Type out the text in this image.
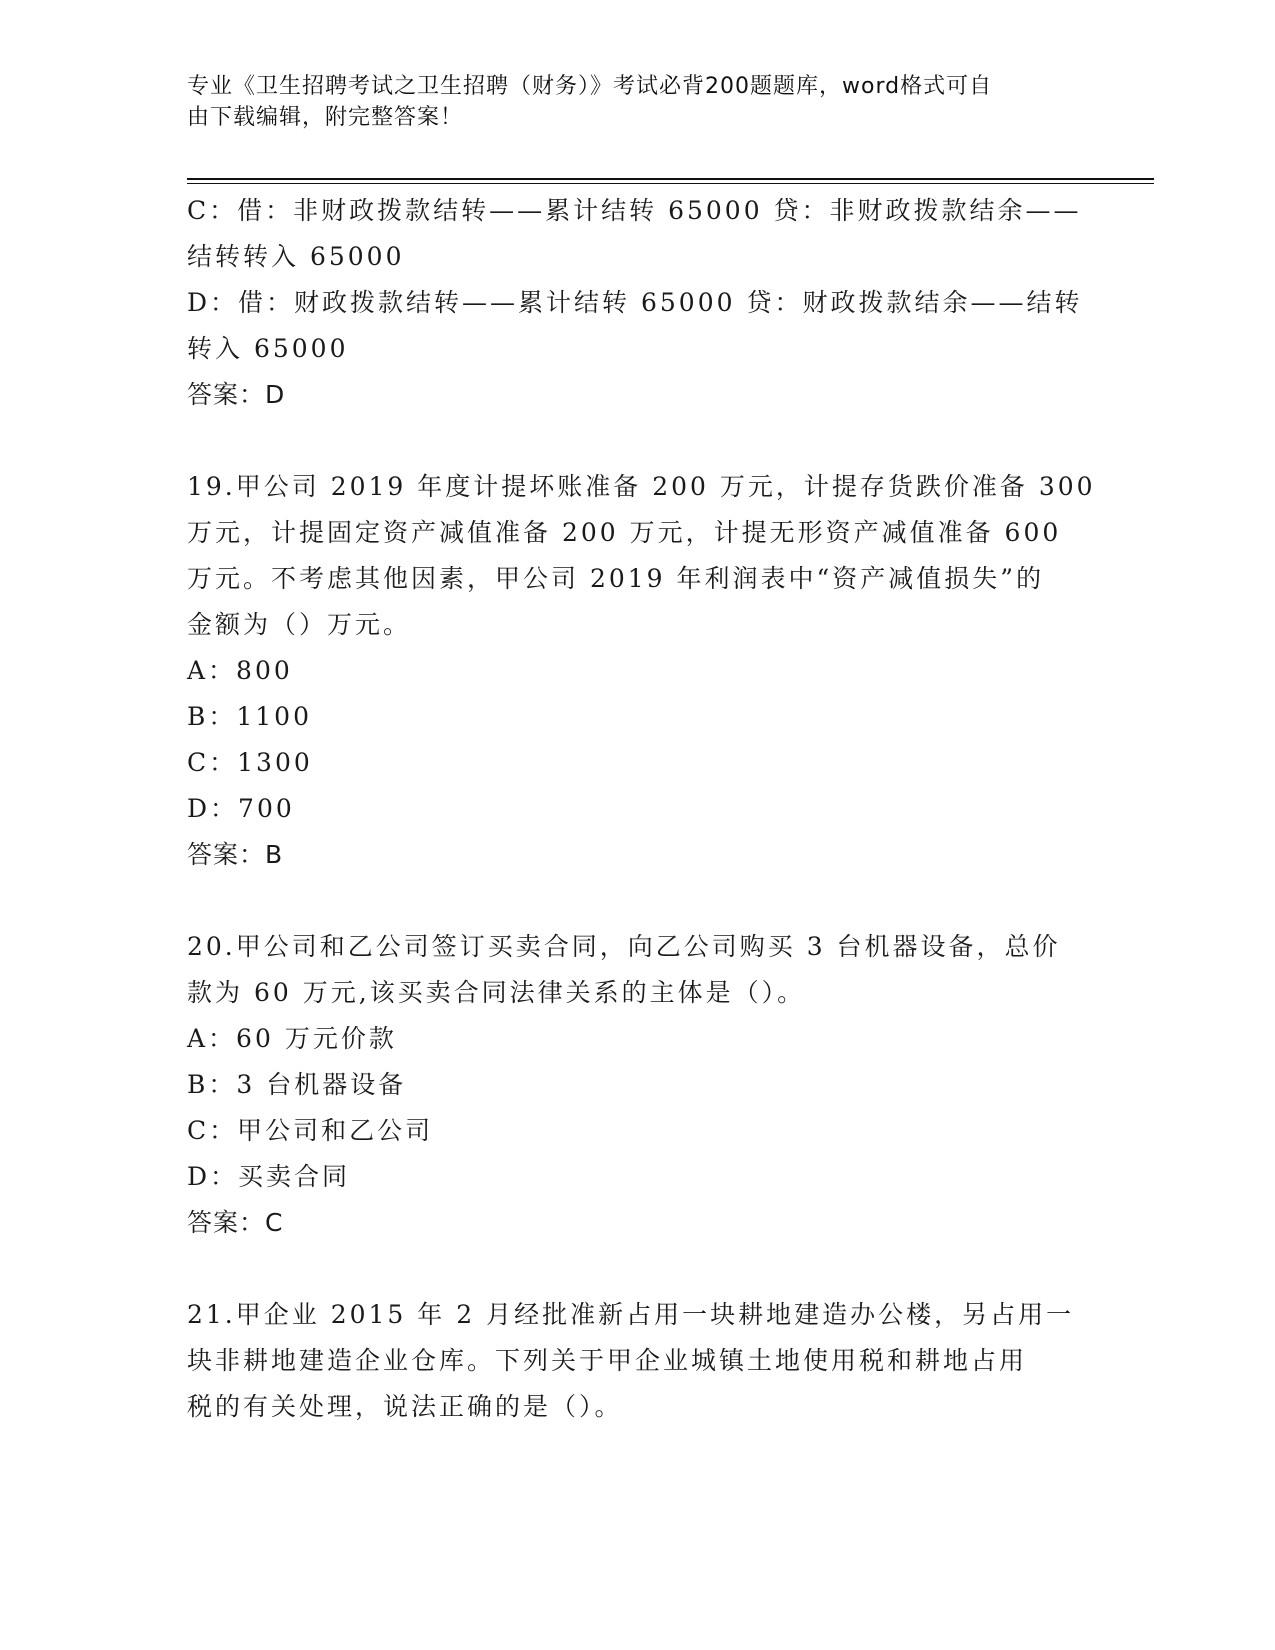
专业《卫生招聘考试之卫生招聘（财务）》考试必背200题题库，word格式可自
由下载编辑，附完整答案！
C：借：非财政拨款结转——累计结转 65000 贷：非财政拨款结余——
结转转入 65000
D：借：财政拨款结转——累计结转 65000 贷：财政拨款结余——结转
转入 65000
答案：D
19.甲公司 2019 年度计提坏账准备 200 万元，计提存货跌价准备 300
万元，计提固定资产减值准备 200 万元，计提无形资产减值准备 600
万元。不考虑其他因素，甲公司 2019 年利润表中“资产减值损失”的
金额为（）万元。
A：800
B：1100
C：1300
D：700
答案：B
20.甲公司和乙公司签订买卖合同，向乙公司购买 3 台机器设备，总价
款为 60 万元,该买卖合同法律关系的主体是（）。
A：60 万元价款
B：3 台机器设备
C：甲公司和乙公司
D：买卖合同
答案：C
21.甲企业 2015 年 2 月经批准新占用一块耕地建造办公楼，另占用一
块非耕地建造企业仓库。下列关于甲企业城镇土地使用税和耕地占用
税的有关处理，说法正确的是（）。
